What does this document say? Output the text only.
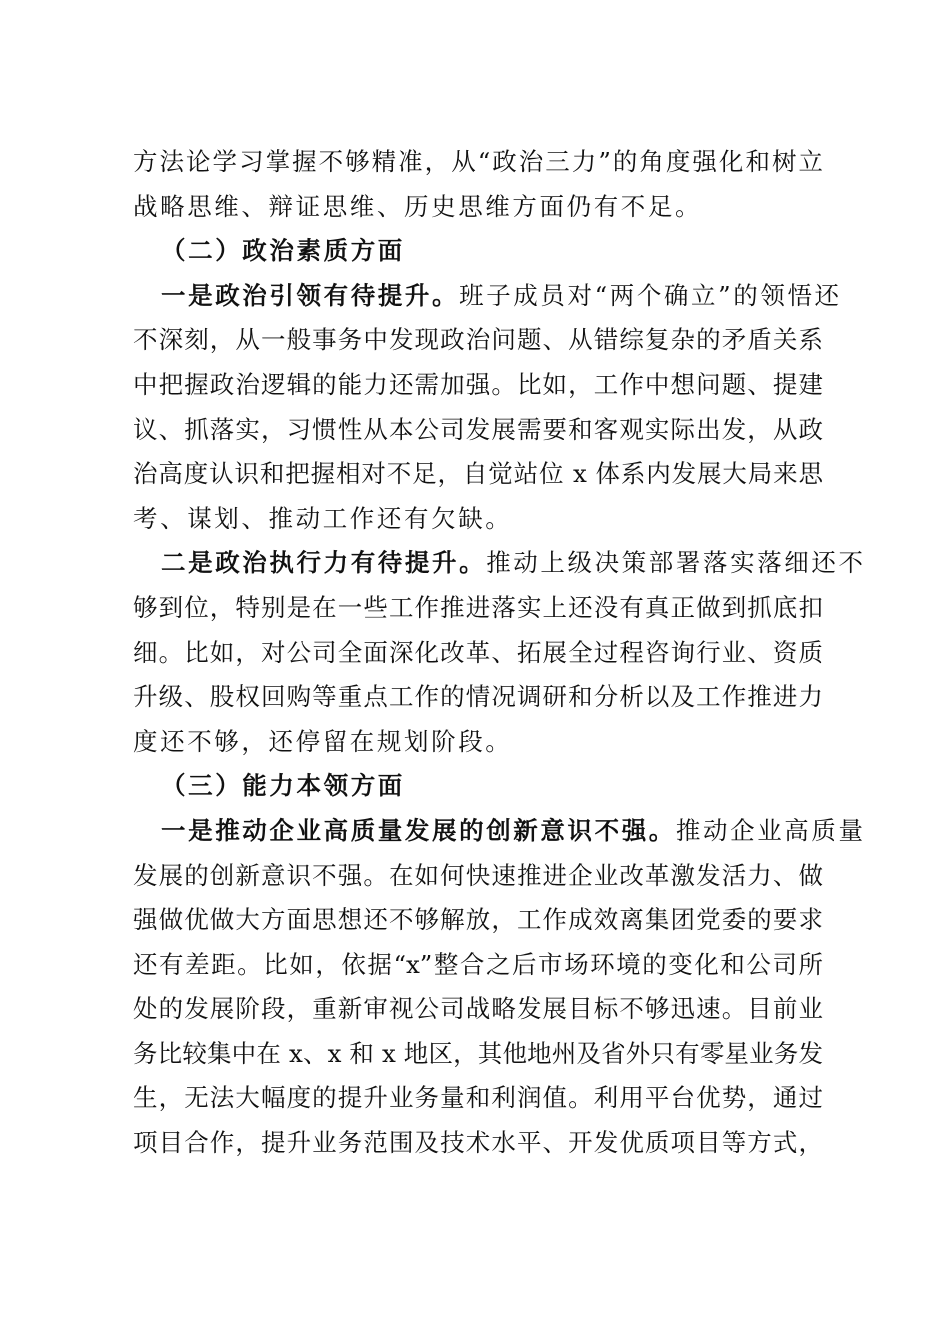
方法论学习掌握不够精准，从“政治三力”的角度强化和树立
战略思维、辩证思维、历史思维方面仍有不足。
（二）政治素质方面
一是政治引领有待提升。班子成员对“两个确立”的领悟还
不深刻，从一般事务中发现政治问题、从错综复杂的矛盾关系
中把握政治逻辑的能力还需加强。比如，工作中想问题、提建
议、抓落实，习惯性从本公司发展需要和客观实际出发，从政
治高度认识和把握相对不足，自觉站位 x 体系内发展大局来思
考、谋划、推动工作还有欠缺。
二是政治执行力有待提升。推动上级决策部署落实落细还不
够到位，特别是在一些工作推进落实上还没有真正做到抓底扣
细。比如，对公司全面深化改革、拓展全过程咨询行业、资质
升级、股权回购等重点工作的情况调研和分析以及工作推进力
度还不够，还停留在规划阶段。
（三）能力本领方面
一是推动企业高质量发展的创新意识不强。推动企业高质量
发展的创新意识不强。在如何快速推进企业改革激发活力、做
强做优做大方面思想还不够解放，工作成效离集团党委的要求
还有差距。比如，依据“x”整合之后市场环境的变化和公司所
处的发展阶段，重新审视公司战略发展目标不够迅速。目前业
务比较集中在 x、x 和 x 地区，其他地州及省外只有零星业务发
生，无法大幅度的提升业务量和利润值。利用平台优势，通过
项目合作，提升业务范围及技术水平、开发优质项目等方式，
